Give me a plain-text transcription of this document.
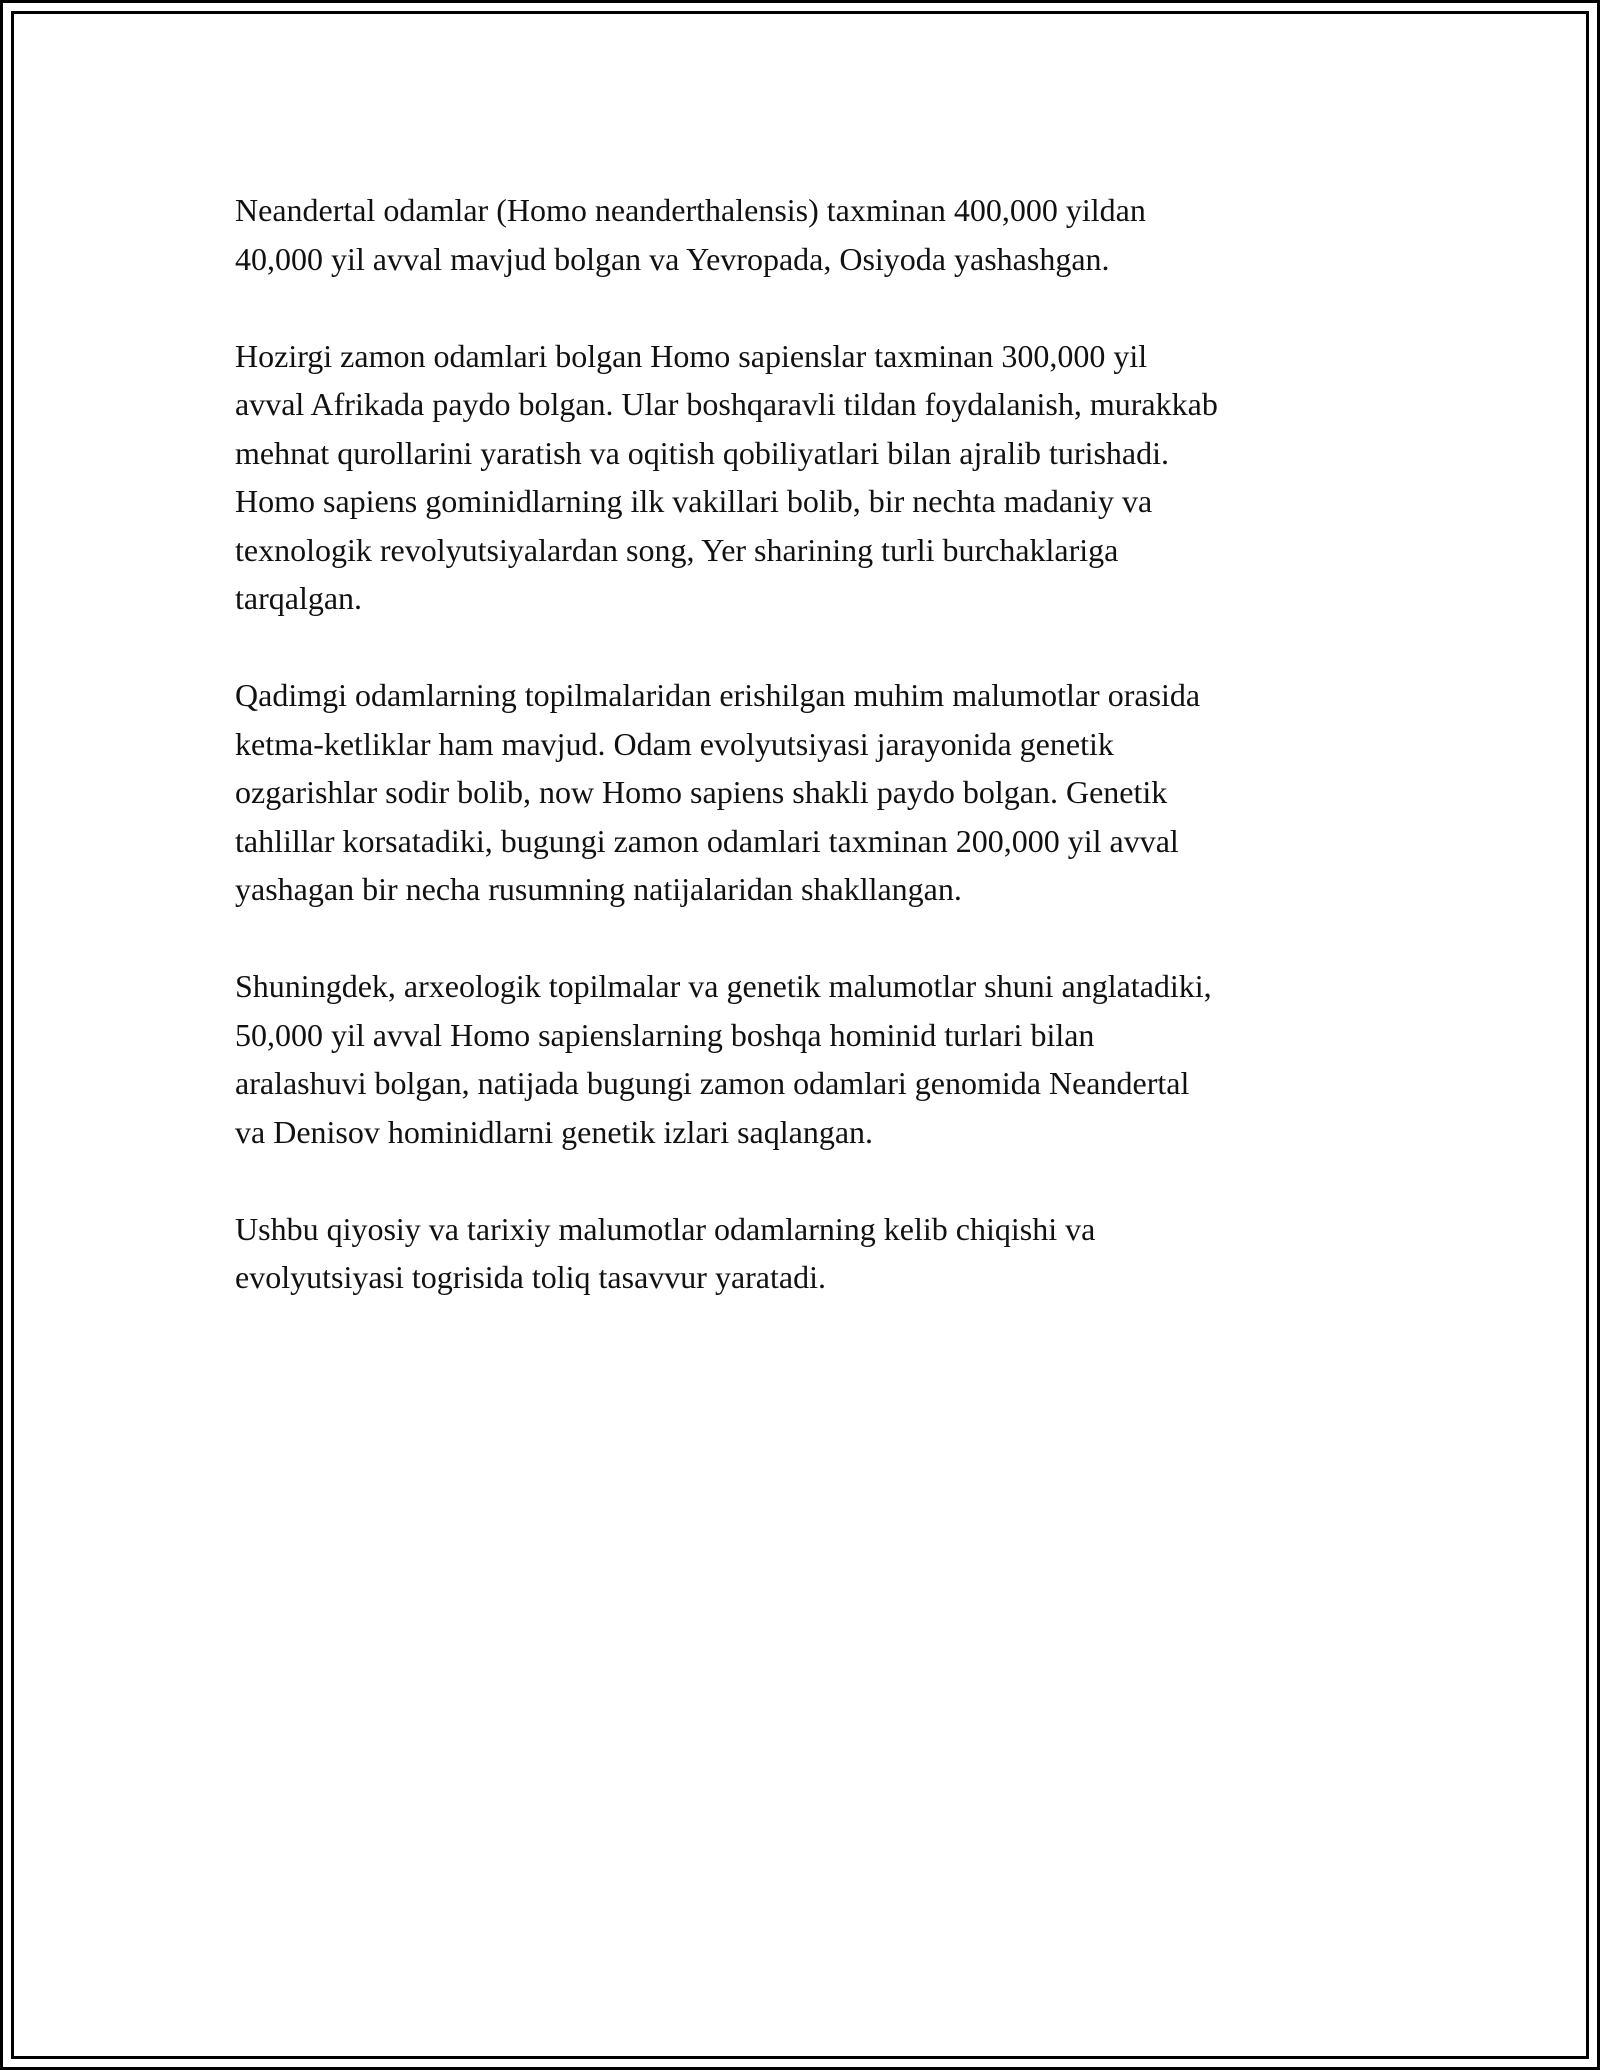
Neandertal odamlar (Homo neanderthalensis) taxminan 400,000 yildan
40,000 yil avval mavjud bolgan va Yevropada, Osiyoda yashashgan.

Hozirgi zamon odamlari bolgan Homo sapienslar taxminan 300,000 yil
avval Afrikada paydo bolgan. Ular boshqaravli tildan foydalanish, murakkab
mehnat qurollarini yaratish va oqitish qobiliyatlari bilan ajralib turishadi.
Homo sapiens gominidlarning ilk vakillari bolib, bir nechta madaniy va
texnologik revolyutsiyalardan song, Yer sharining turli burchaklariga
tarqalgan.

Qadimgi odamlarning topilmalaridan erishilgan muhim malumotlar orasida
ketma-ketliklar ham mavjud. Odam evolyutsiyasi jarayonida genetik
ozgarishlar sodir bolib, now Homo sapiens shakli paydo bolgan. Genetik
tahlillar korsatadiki, bugungi zamon odamlari taxminan 200,000 yil avval
yashagan bir necha rusumning natijalaridan shakllangan.

Shuningdek, arxeologik topilmalar va genetik malumotlar shuni anglatadiki,
50,000 yil avval Homo sapienslarning boshqa hominid turlari bilan
aralashuvi bolgan, natijada bugungi zamon odamlari genomida Neandertal
va Denisov hominidlarni genetik izlari saqlangan.

Ushbu qiyosiy va tarixiy malumotlar odamlarning kelib chiqishi va
evolyutsiyasi togrisida toliq tasavvur yaratadi.
